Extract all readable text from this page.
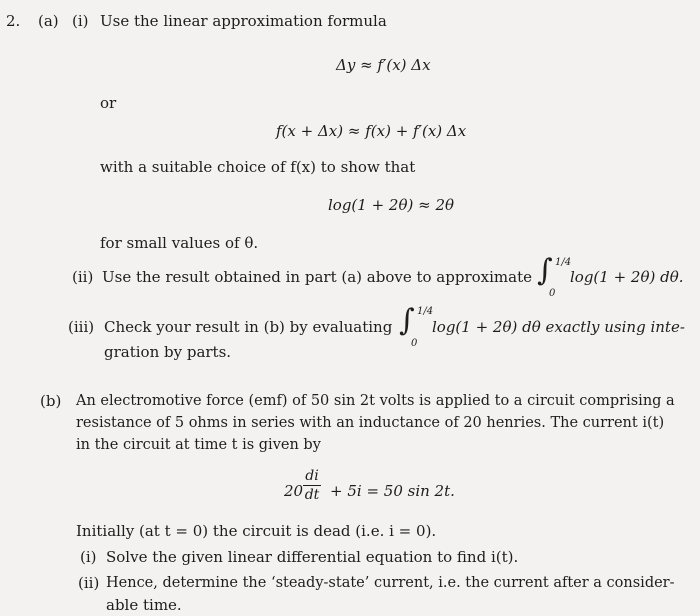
2. (a) (i) Use the linear approximation formula
Δy ≈ f′(x) Δx
or
f(x + Δx) ≈ f(x) + f′(x) Δx
with a suitable choice of f(x) to show that
log(1 + 2θ) ≈ 2θ
for small values of θ.
(ii) Use the result obtained in part (a) above to approximate ∫ 1/4
0
log(1 + 2θ) dθ.
(iii) Check your result in (b) by evaluating ∫ 1/4
0
log(1 + 2θ) dθ exactly using inte-
gration by parts.
(b) An electromotive force (emf) of 50 sin 2t volts is applied to a circuit comprising a
resistance of 5 ohms in series with an inductance of 20 henries. The current i(t)
in the circuit at time t is given by
20
di
dt + 5i = 50 sin 2t.
Initially (at t = 0) the circuit is dead (i.e. i = 0).
(i) Solve the given linear differential equation to find i(t).
(ii) Hence, determine the ‘steady-state’ current, i.e. the current after a consider-
able time.
